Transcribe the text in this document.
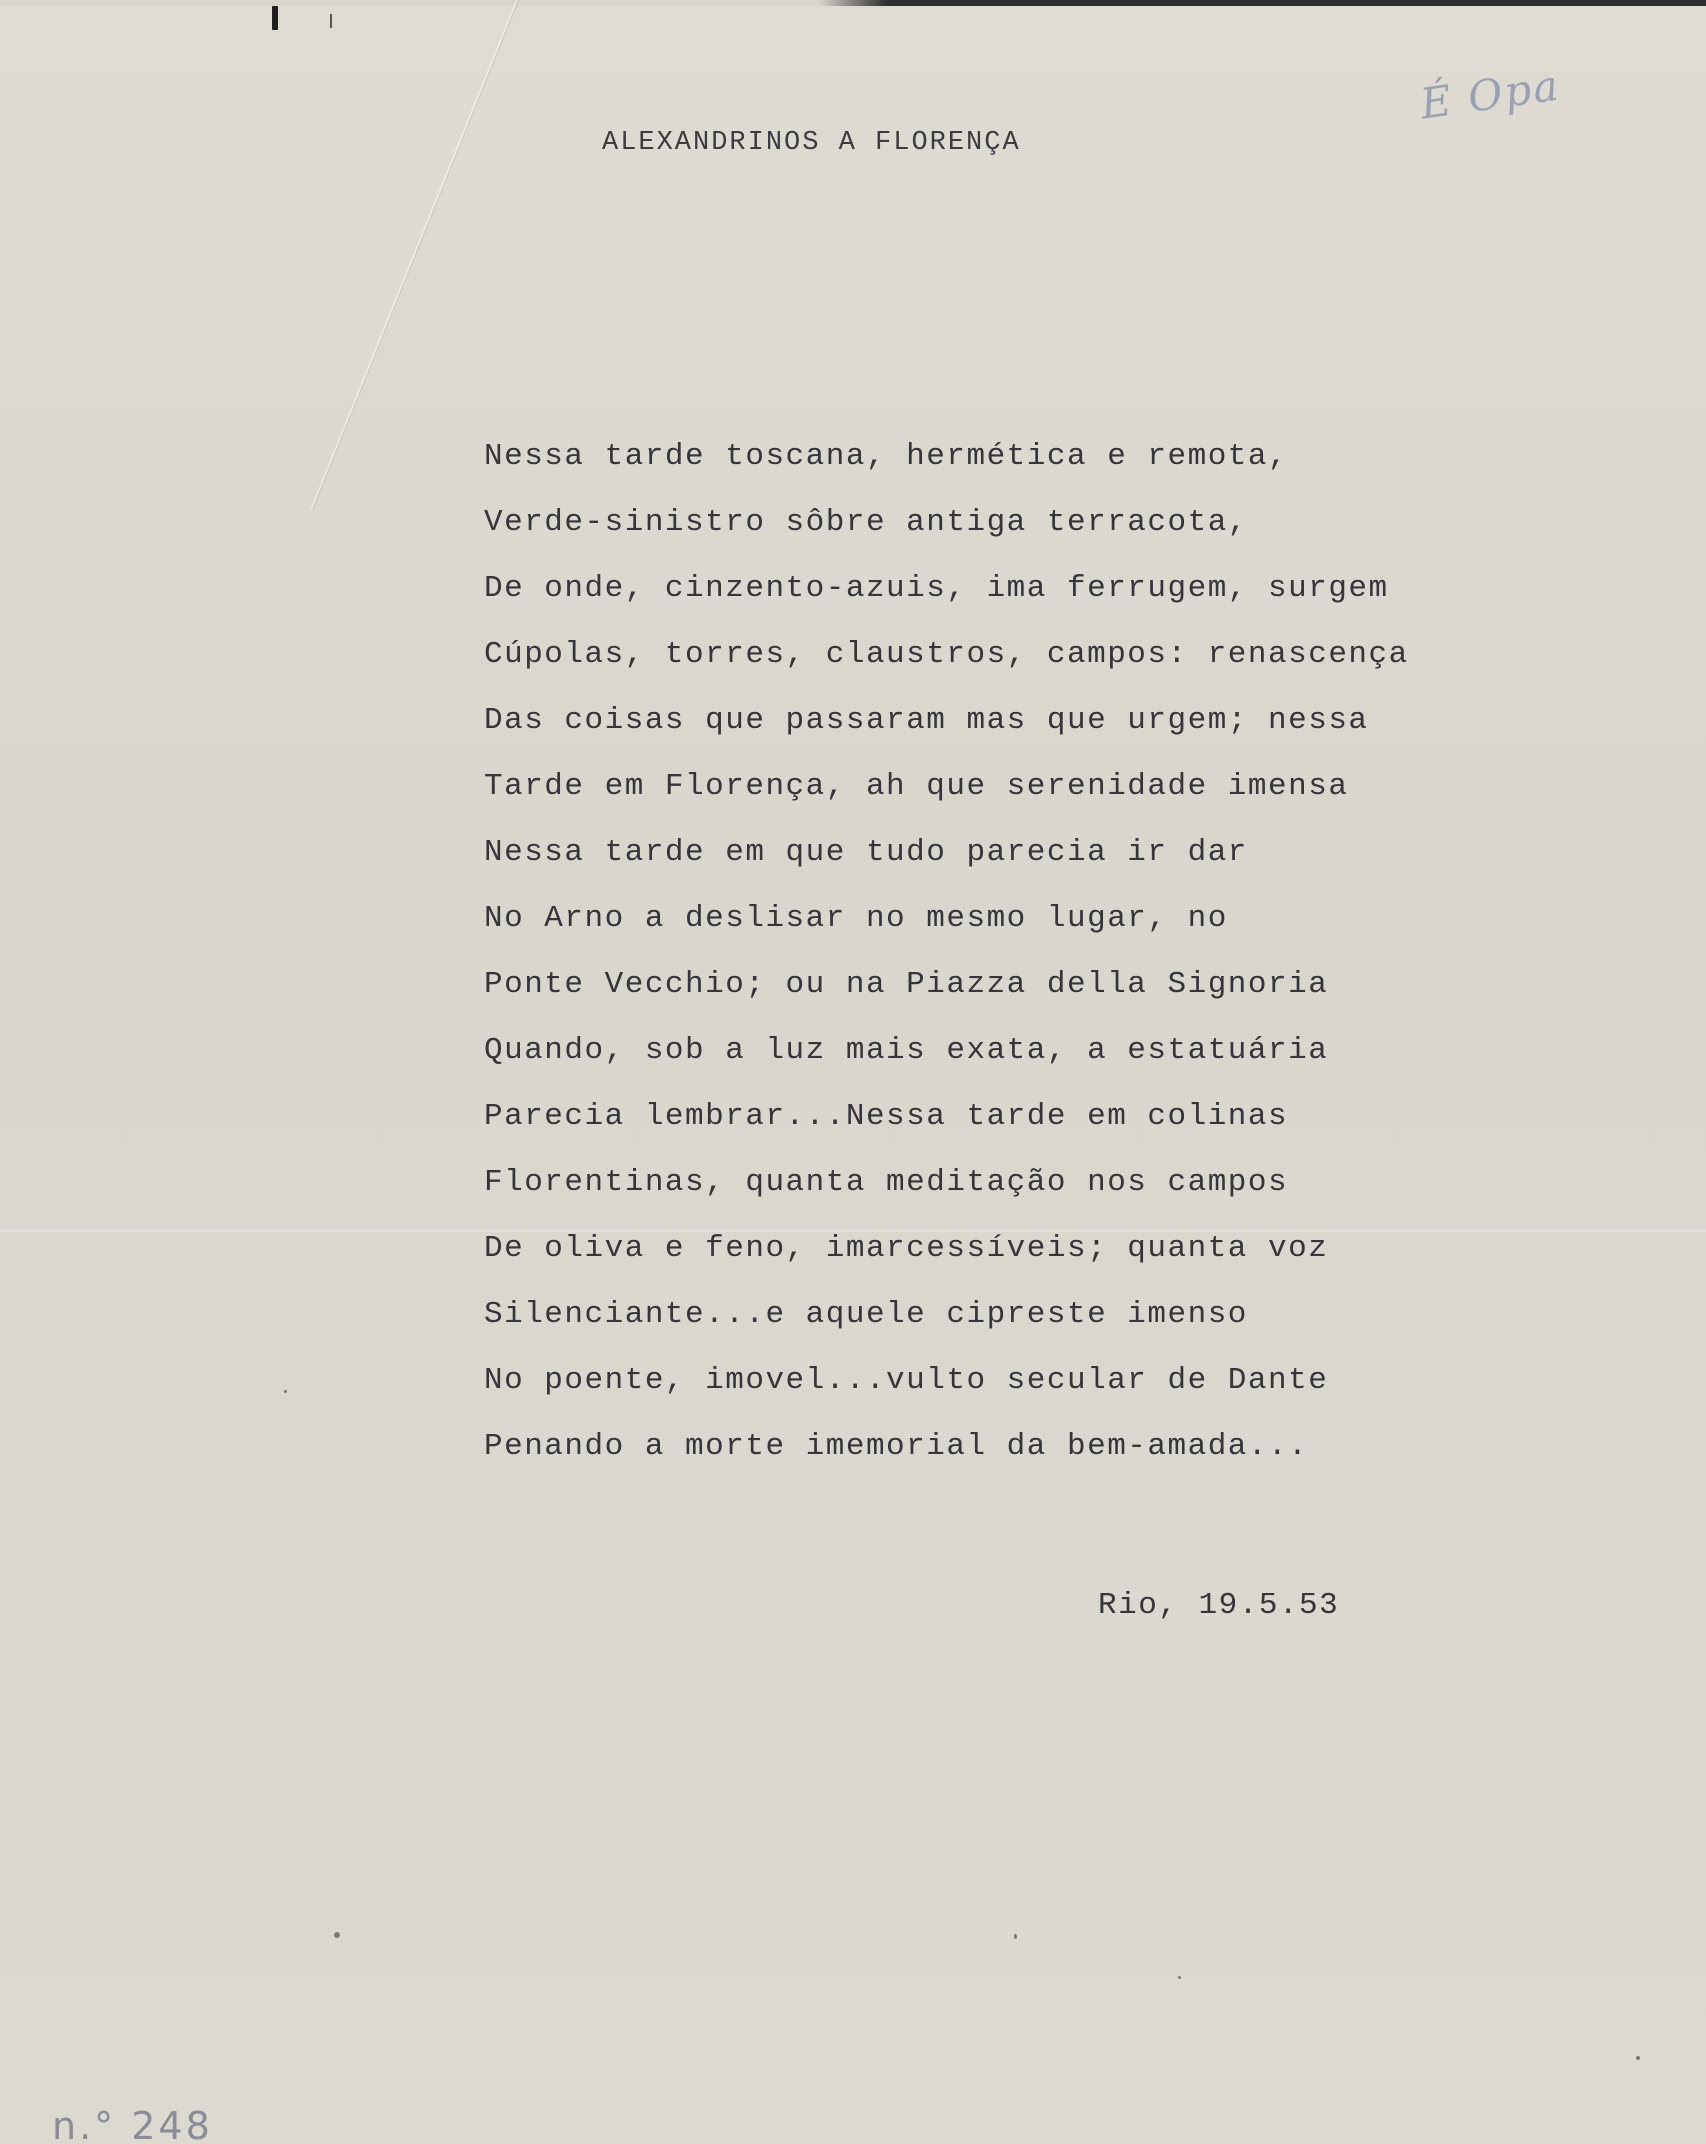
É Opa
ALEXANDRINOS A FLORENÇA
Nessa tarde toscana, hermética e remota,
Verde-sinistro sôbre antiga terracota,
De onde, cinzento-azuis, ima ferrugem, surgem
Cúpolas, torres, claustros, campos: renascença
Das coisas que passaram mas que urgem; nessa
Tarde em Florença, ah que serenidade imensa
Nessa tarde em que tudo parecia ir dar
No Arno a deslisar no mesmo lugar, no
Ponte Vecchio; ou na Piazza della Signoria
Quando, sob a luz mais exata, a estatuária
Parecia lembrar...Nessa tarde em colinas
Florentinas, quanta meditação nos campos
De oliva e feno, imarcessíveis; quanta voz
Silenciante...e aquele cipreste imenso
No poente, imovel...vulto secular de Dante
Penando a morte imemorial da bem-amada...
Rio, 19.5.53
n.° 248
